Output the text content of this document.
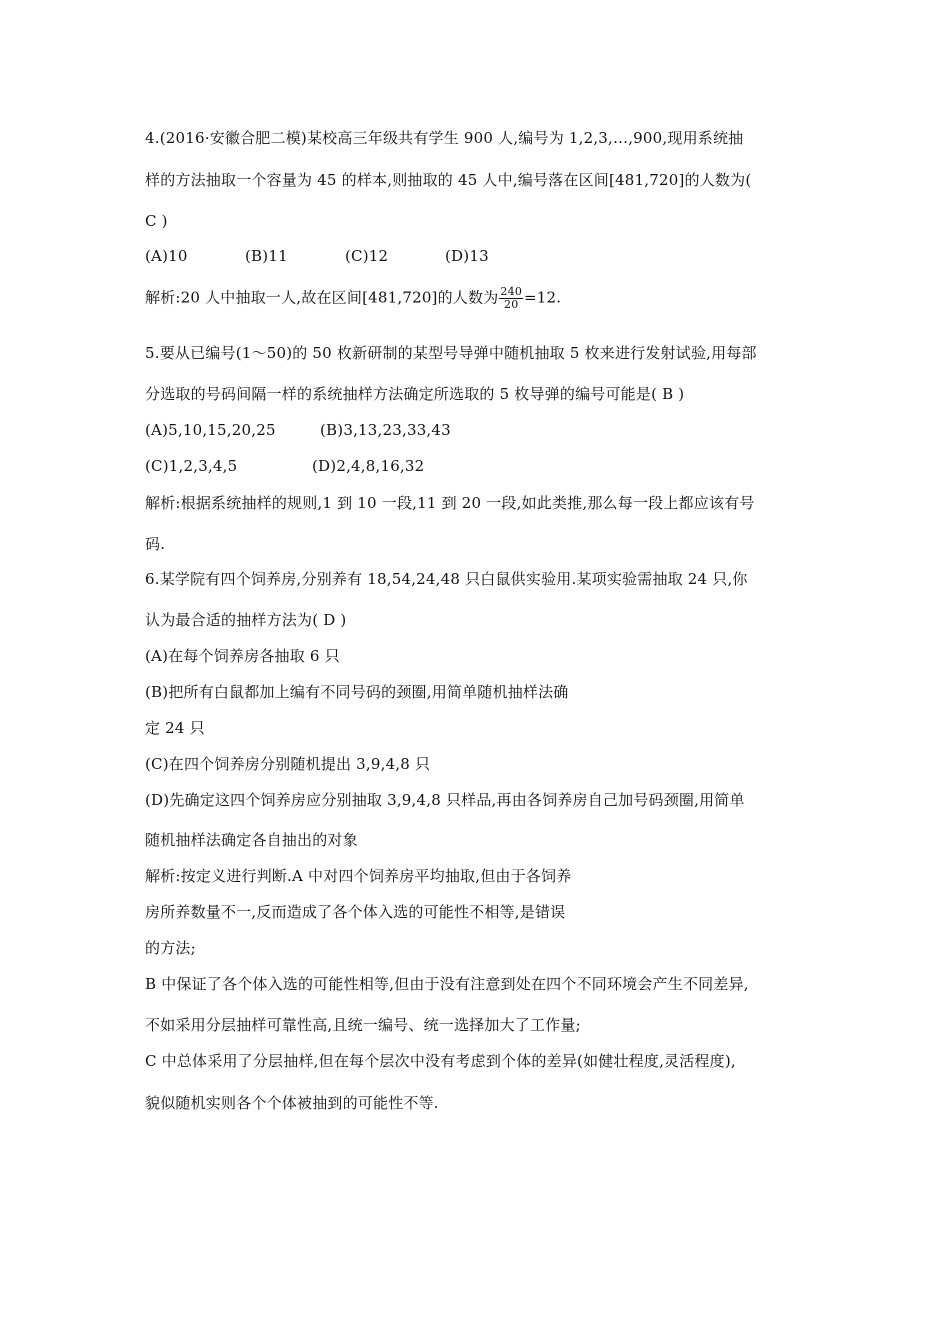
4.(2016·安徽合肥二模)某校高三年级共有学生 900 人,编号为 1,2,3,…,900,现用系统抽
样的方法抽取一个容量为 45 的样本,则抽取的 45 人中,编号落在区间[481,720]的人数为(
C )
(A)10	(B)11	(C)12	(D)13
解析:20 人中抽取一人,故在区间[481,720]的人数为 $\frac{240}{20} =12$.
5.要从已编号(1～50)的 50 枚新研制的某型号导弹中随机抽取 5 枚来进行发射试验,用每部
分选取的号码间隔一样的系统抽样方法确定所选取的 5 枚导弹的编号可能是( B )
(A)5,10,15,20,25	(B)3,13,23,33,43
(C)1,2,3,4,5	(D)2,4,8,16,32
解析:根据系统抽样的规则,1 到 10 一段,11 到 20 一段,如此类推,那么每一段上都应该有号
码.
6.某学院有四个饲养房,分别养有 18,54,24,48 只白鼠供实验用.某项实验需抽取 24 只,你
认为最合适的抽样方法为( D )
(A)在每个饲养房各抽取 6 只
(B)把所有白鼠都加上编有不同号码的颈圈,用简单随机抽样法确
定 24 只
(C)在四个饲养房分别随机提出 3,9,4,8 只
(D)先确定这四个饲养房应分别抽取 3,9,4,8 只样品,再由各饲养房自己加号码颈圈,用简单
随机抽样法确定各自抽出的对象
解析:按定义进行判断.A 中对四个饲养房平均抽取,但由于各饲养
房所养数量不一,反而造成了各个体入选的可能性不相等,是错误
的方法;
B 中保证了各个体入选的可能性相等,但由于没有注意到处在四个不同环境会产生不同差异,
不如采用分层抽样可靠性高,且统一编号、统一选择加大了工作量;
C 中总体采用了分层抽样,但在每个层次中没有考虑到个体的差异(如健壮程度,灵活程度),
貌似随机实则各个个体被抽到的可能性不等.
